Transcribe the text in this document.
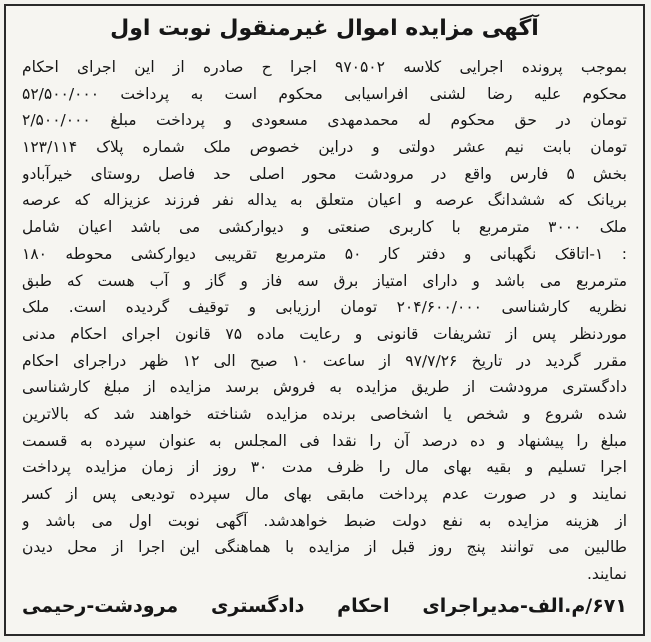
آگهی مزایده اموال غیرمنقول نوبت اول
بموجب پرونده اجرایی کلاسه ۹۷۰۵۰۲ اجرا ح صادره از این اجرای احکام
محکوم علیه رضا لشنی افراسیابی محکوم است به پرداخت ۵۲/۵۰۰/۰۰۰
تومان در حق محکوم له محمدمهدی مسعودی و پرداخت مبلغ ۲/۵۰۰/۰۰۰
تومان بابت نیم عشر دولتی و دراین خصوص ملک شماره پلاک ۱۲۳/۱۱۴
بخش ۵ فارس واقع در مرودشت محور اصلی حد فاصل روستای خیرآبادو
بریانک که ششدانگ عرصه و اعیان متعلق به یداله نفر فرزند عزیزاله که عرصه
ملک ۳۰۰۰ مترمربع با کاربری صنعتی و دیوارکشی می باشد اعیان شامل
: ۱-اتاقک نگهبانی و دفتر کار ۵۰ مترمربع تقریبی دیوارکشی محوطه ۱۸۰
مترمربع می باشد و دارای امتیاز برق سه فاز و گاز و آب هست که طبق
نظریه کارشناسی ۲۰۴/۶۰۰/۰۰۰ تومان ارزیابی و توقیف گردیده است. ملک
مورد‌نظر پس از تشریفات قانونی و رعایت ماده ۷۵ قانون اجرای احکام مدنی
مقرر گردید در تاریخ ۹۷/۷/۲۶ از ساعت ۱۰ صبح الی ۱۲ ظهر دراجرای احکام
دادگستری مرودشت از طریق مزایده به فروش برسد مزایده از مبلغ کارشناسی
شده شروع و شخص یا اشخاصی برنده مزایده شناخته خواهند شد که بالاترین
مبلغ را پیشنهاد و ده درصد آن را نقدا فی المجلس به عنوان سپرده به قسمت
اجرا تسلیم و بقیه بهای مال را ظرف مدت ۳۰ روز از زمان مزایده پرداخت
نمایند و در صورت عدم پرداخت مابقی بهای مال سپرده تودیعی پس از کسر
از هزینه مزایده به نفع دولت ضبط خواهدشد. آگهی نوبت اول می باشد و
طالبین می توانند پنج روز قبل از مزایده با هماهنگی این اجرا از محل دیدن
نمایند.
۶۷۱/م.الف-مدیراجرای احکام دادگستری مرودشت-رحیمی
